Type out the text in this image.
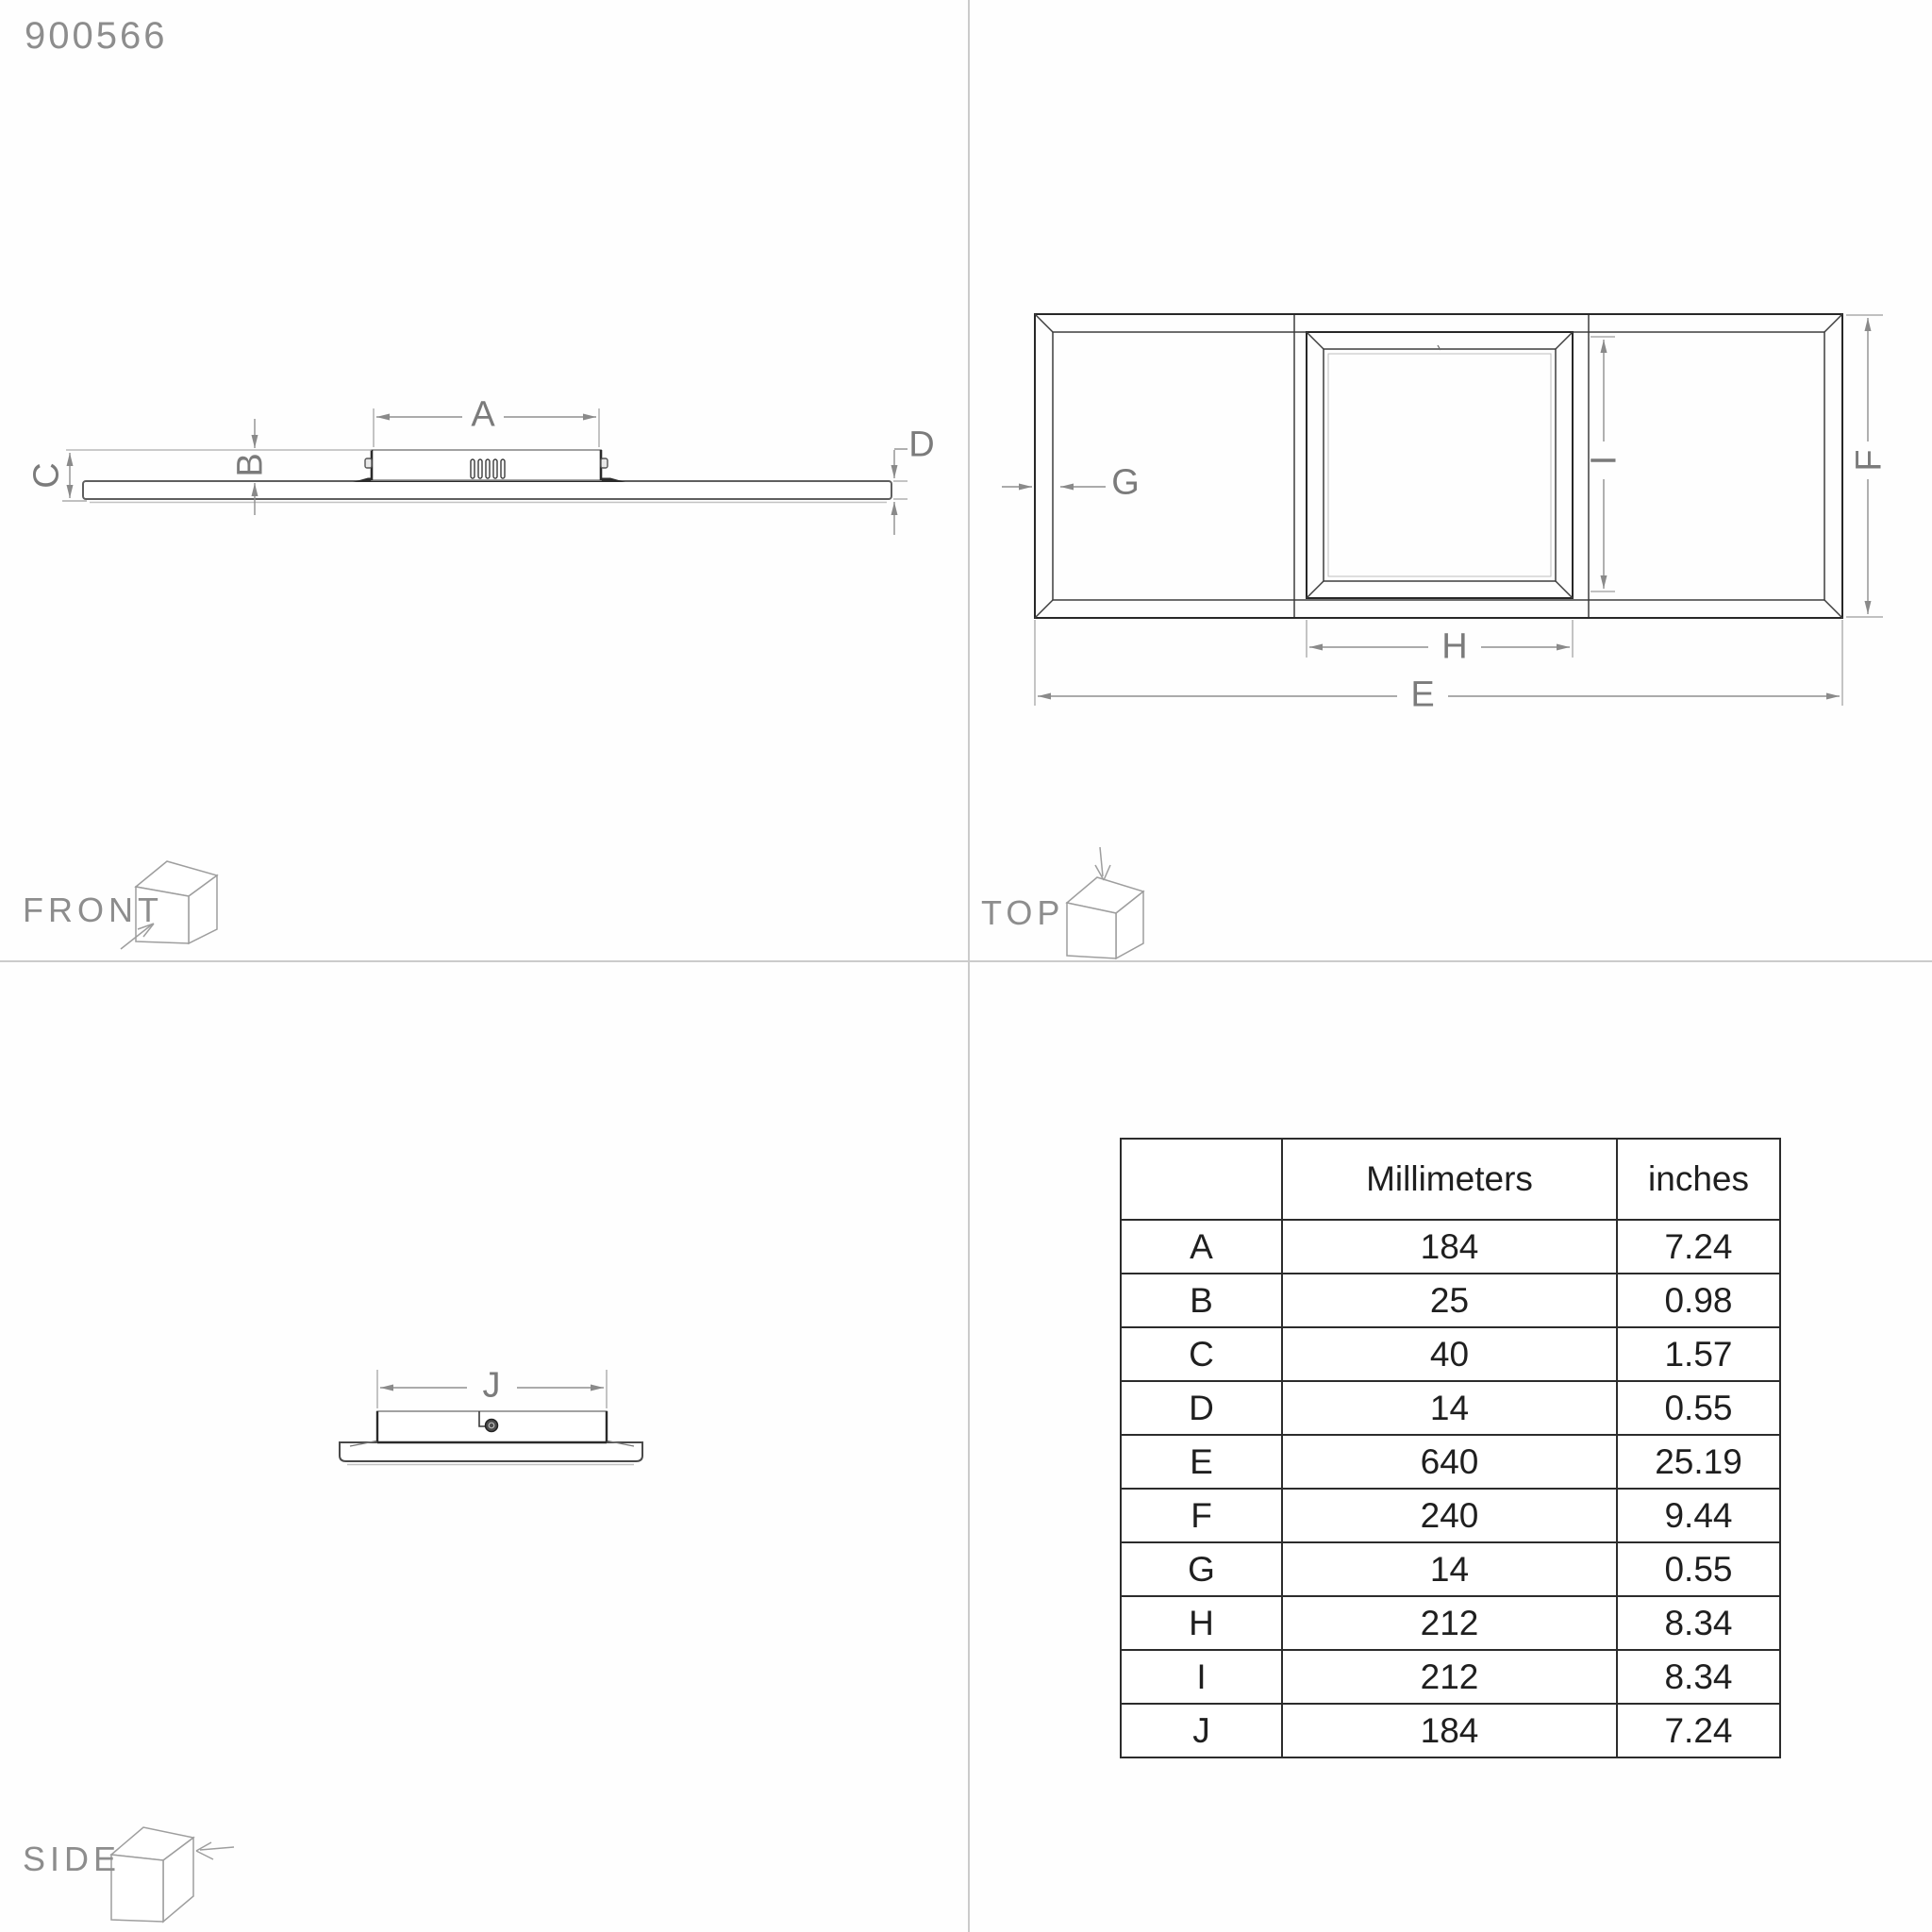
900566
A
B
C
D
G
I	F
H
E
J
FRONT	TOP
SIDE
	Millimeters	inches
A	184	7.24
B	25	0.98
C	40	1.57
D	14	0.55
E	640	25.19
F	240	9.44
G	14	0.55
H	212	8.34
I	212	8.34
J	184	7.24
